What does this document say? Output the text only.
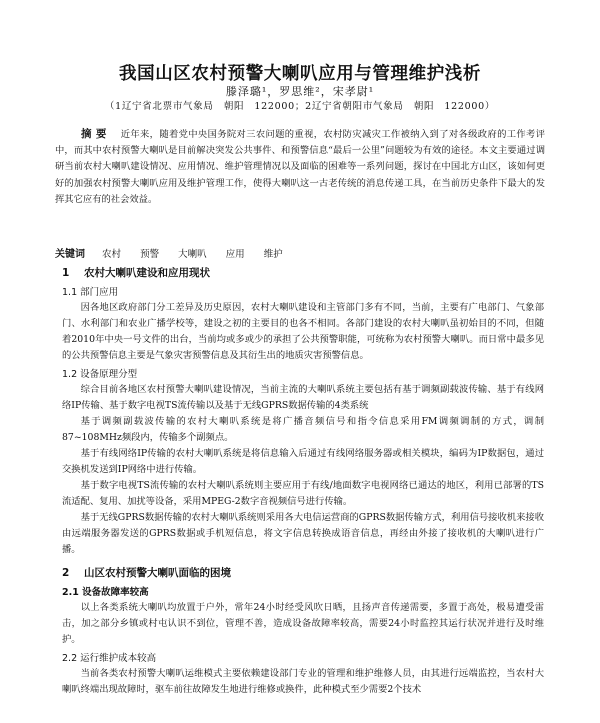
我国山区农村预警大喇叭应用与管理维护浅析
滕泽璐¹，罗思维²，宋孝尉¹
（1辽宁省北票市气象局　朝阳　122000；2辽宁省朝阳市气象局　朝阳　122000）
摘要 近年来，随着党中央国务院对三农问题的重视，农村防灾减灾工作被纳入到了对各级政府的工作考评中，而其中农村预警大喇叭是目前解决突发公共事件、和预警信息“最后一公里”问题较为有效的途径。本文主要通过调研当前农村大喇叭建设情况、应用情况、维护管理情况以及面临的困难等一系列问题，探讨在中国北方山区，该如何更好的加强农村预警大喇叭应用及维护管理工作，使得大喇叭这一古老传统的消息传递工具，在当前历史条件下最大的发挥其它应有的社会效益。
关键词 农村 预警 大喇叭 应用 维护
1 农村大喇叭建设和应用现状
1.1 部门应用

因各地区政府部门分工差异及历史原因，农村大喇叭建设和主管部门多有不同，当前，主要有广电部门、气象部门、水利部门和农业广播学校等，建设之初的主要目的也各不相同。各部门建设的农村大喇叭虽初始目的不同，但随着2010年中央一号文件的出台，当前均或多或少的承担了公共预警职能，可统称为农村预警大喇叭。而日常中最多见的公共预警信息主要是气象灾害预警信息及其衍生出的地质灾害预警信息。

1.2 设备原理分型

综合目前各地区农村预警大喇叭建设情况，当前主流的大喇叭系统主要包括有基于调频副载波传输、基于有线网络IP传输、基于数字电视TS流传输以及基于无线GPRS数据传输的4类系统

基于调频副载波传输的农村大喇叭系统是将广播音频信号和指令信息采用FM调频调制的方式，调制87~108MHz频段内，传输多个副频点。

基于有线网络IP传输的农村大喇叭系统是将信息输入后通过有线网络服务器或相关模块，编码为IP数据包，通过交换机发送到IP网络中进行传输。

基于数字电视TS流传输的农村大喇叭系统则主要应用于有线/地面数字电视网络已通达的地区，利用已部署的TS流适配、复用、加扰等设备，采用MPEG-2数字音视频信号进行传输。

基于无线GPRS数据传输的农村大喇叭系统则采用各大电信运营商的GPRS数据传输方式，利用信号接收机来接收由远端服务器发送的GPRS数据或手机短信息，将文字信息转换成语音信息，再经由外接了接收机的大喇叭进行广播。

2 山区农村预警大喇叭面临的困境
2.1 设备故障率较高

以上各类系统大喇叭均放置于户外，常年24小时经受风吹日晒，且扬声音传递需要，多置于高处，极易遭受雷击，加之部分乡镇或村屯认识不到位，管理不善，造成设备故障率较高，需要24小时监控其运行状况并进行及时维护。

2.2 运行维护成本较高

当前各类农村预警大喇叭运维模式主要依赖建设部门专业的管理和维护维修人员，由其进行远端监控，当农村大喇叭终端出现故障时，驱车前往故障发生地进行维修或换件，此种模式至少需要2个技术
